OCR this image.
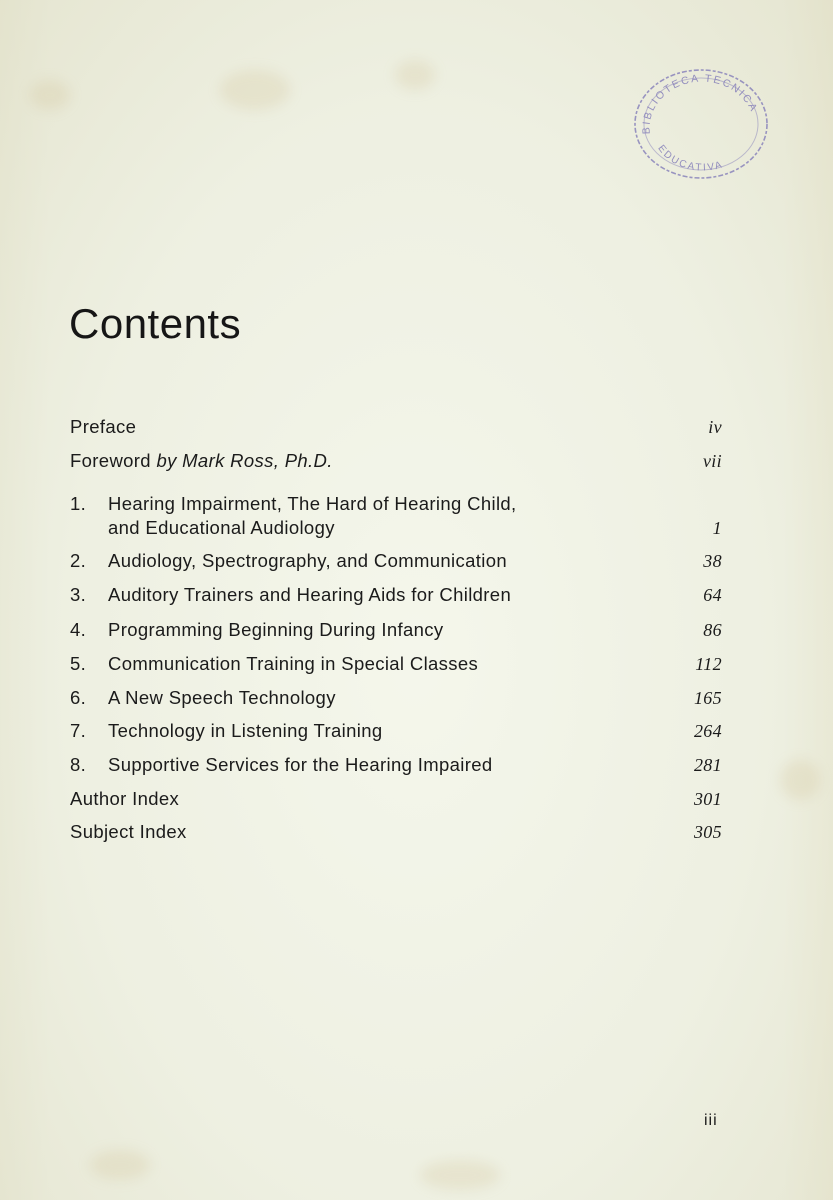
BIBLIOTECA TECNICA
EDUCATIVA
Contents
Preface	iv
Foreword by Mark Ross, Ph.D.	vii
1. Hearing Impairment, The Hard of Hearing Child,
and Educational Audiology	1
2. Audiology, Spectrography, and Communication	38
3. Auditory Trainers and Hearing Aids for Children	64
4. Programming Beginning During Infancy	86
5. Communication Training in Special Classes	112
6. A New Speech Technology	165
7. Technology in Listening Training	264
8. Supportive Services for the Hearing Impaired	281
Author Index	301
Subject Index	305
iii
